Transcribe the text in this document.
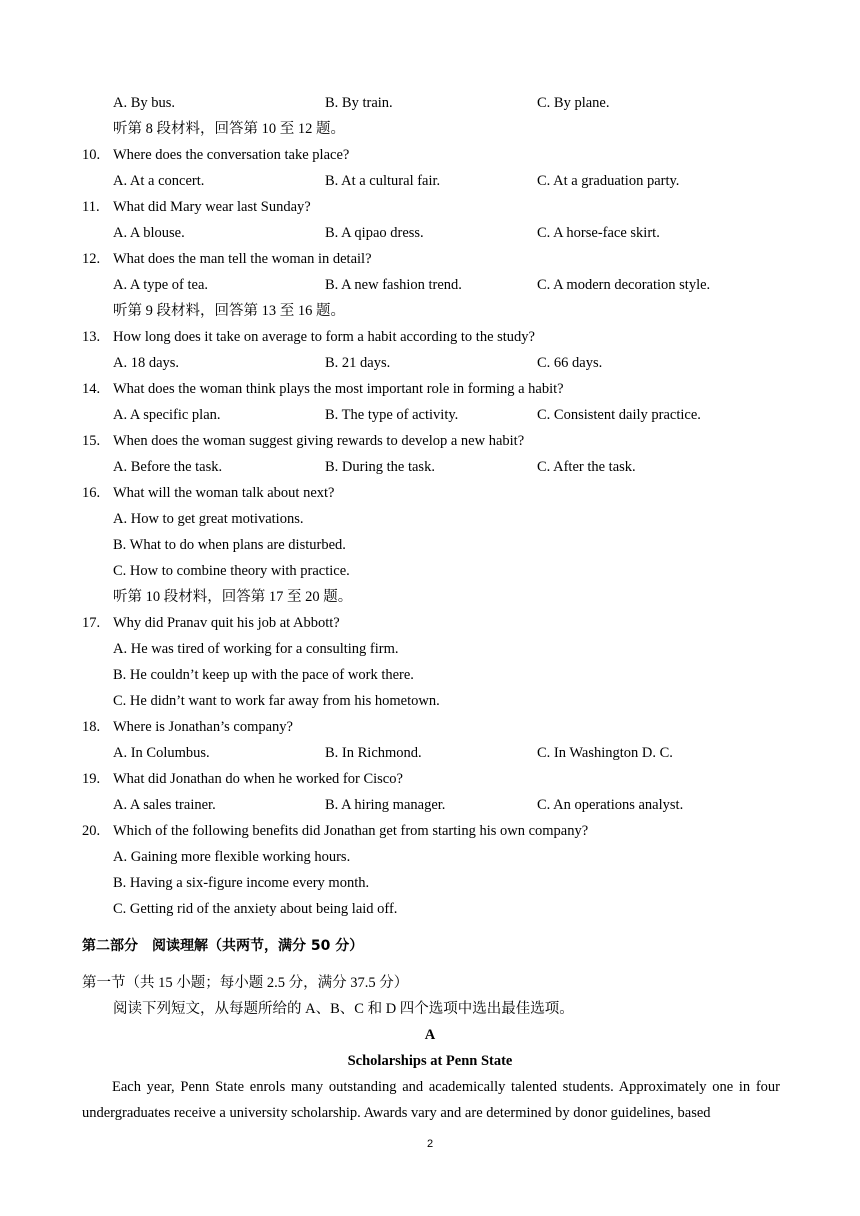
A. By bus.	B. By train.	C. By plane.
听第 8 段材料，回答第 10 至 12 题。
10. Where does the conversation take place?
A. At a concert.	B. At a cultural fair.	C. At a graduation party.
11. What did Mary wear last Sunday?
A. A blouse.	B. A qipao dress.	C. A horse-face skirt.
12. What does the man tell the woman in detail?
A. A type of tea.	B. A new fashion trend.	C. A modern decoration style.
听第 9 段材料，回答第 13 至 16 题。
13. How long does it take on average to form a habit according to the study?
A. 18 days.	B. 21 days.	C. 66 days.
14. What does the woman think plays the most important role in forming a habit?
A. A specific plan.	B. The type of activity.	C. Consistent daily practice.
15. When does the woman suggest giving rewards to develop a new habit?
A. Before the task.	B. During the task.	C. After the task.
16. What will the woman talk about next?
A. How to get great motivations.
B. What to do when plans are disturbed.
C. How to combine theory with practice.
听第 10 段材料，回答第 17 至 20 题。
17. Why did Pranav quit his job at Abbott?
A. He was tired of working for a consulting firm.
B. He couldn’t keep up with the pace of work there.
C. He didn’t want to work far away from his hometown.
18. Where is Jonathan’s company?
A. In Columbus.	B. In Richmond.	C. In Washington D. C.
19. What did Jonathan do when he worked for Cisco?
A. A sales trainer.	B. A hiring manager.	C. An operations analyst.
20. Which of the following benefits did Jonathan get from starting his own company?
A. Gaining more flexible working hours.
B. Having a six-figure income every month.
C. Getting rid of the anxiety about being laid off.
第二部分　阅读理解（共两节，满分 50 分）
第一节（共 15 小题；每小题 2.5 分，满分 37.5 分）
阅读下列短文，从每题所给的 A、B、C 和 D 四个选项中选出最佳选项。
A
Scholarships at Penn State
Each year, Penn State enrols many outstanding and academically talented students. Approximately one in four undergraduates receive a university scholarship. Awards vary and are determined by donor guidelines, based
2
